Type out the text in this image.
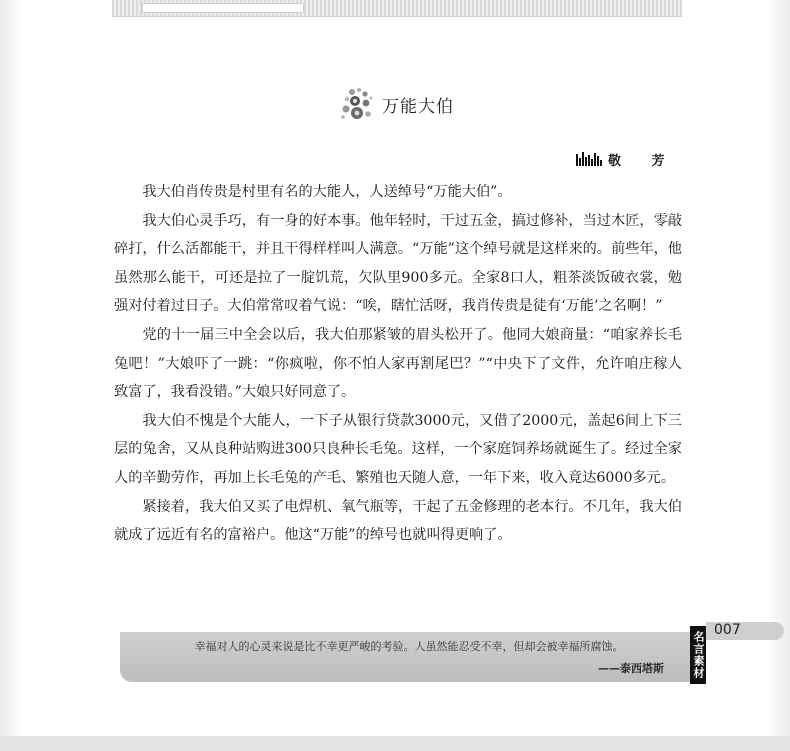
万能大伯
敬 芳

我大伯肖传贵是村里有名的大能人，人送绰号“万能大伯”。

我大伯心灵手巧，有一身的好本事。他年轻时，干过五金，搞过修补，当过木匠，零敲碎打，什么活都能干，并且干得样样叫人满意。“万能”这个绰号就是这样来的。前些年，他虽然那么能干，可还是拉了一腚饥荒，欠队里900多元。全家8口人，粗茶淡饭破衣裳，勉强对付着过日子。大伯常常叹着气说：“唉，瞎忙活呀，我肖传贵是徒有‘万能’之名啊！”

党的十一届三中全会以后，我大伯那紧皱的眉头松开了。他同大娘商量：“咱家养长毛兔吧！”大娘吓了一跳：“你疯啦，你不怕人家再割尾巴？”“中央下了文件，允许咱庄稼人致富了，我看没错。”大娘只好同意了。

我大伯不愧是个大能人，一下子从银行贷款3000元，又借了2000元，盖起6间上下三层的兔舍，又从良种站购进300只良种长毛兔。这样，一个家庭饲养场就诞生了。经过全家人的辛勤劳作，再加上长毛兔的产毛、繁殖也天随人意，一年下来，收入竟达6000多元。

紧接着，我大伯又买了电焊机、氧气瓶等，干起了五金修理的老本行。不几年，我大伯就成了远近有名的富裕户。他这“万能”的绰号也就叫得更响了。

幸福对人的心灵来说是比不幸更严峻的考验。人虽然能忍受不幸，但却会被幸福所腐蚀。
——泰西塔斯	名言素材
007
